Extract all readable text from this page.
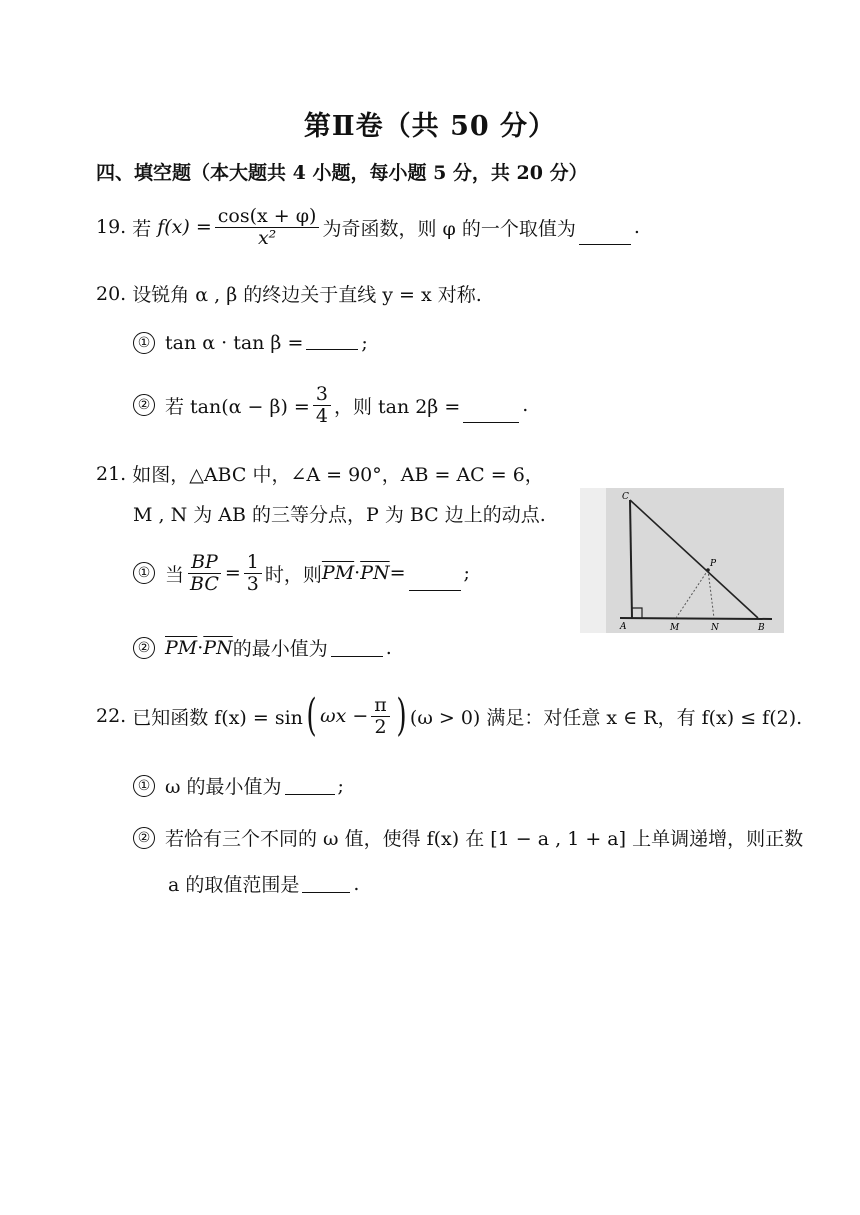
第Ⅱ卷（共 50 分）
四、填空题（本大题共 4 小题，每小题 5 分，共 20 分）
19. 若 $f(x) = \frac{\cos(x + \varphi)}{\text{x²}}$ 为奇函数，则 φ 的一个取值为	.
20. 设锐角 α , β 的终边关于直线 y = x 对称.
① tan α · tan β =	;
② 若 $\tan(\alpha - \beta) = \frac{3}{4}$ ，则 tan 2β =	.
21. 如图，△ABC 中，∠A = 90°，AB = AC = 6，
M , N 为 AB 的三等分点，P 为 BC 边上的动点.
① 当 $\frac{BP}{BC} = \frac{1}{3}$ 时，则 $\overline{PM} \cdot \overline{PN}$ =	;
② $\overline{PM} \cdot \overline{PN}$ 的最小值为	.
C
P
A	M	N	B
22. 已知函数 f(x) = sin ( $\omega x - \frac{\pi}{2}$ ) (ω > 0) 满足：对任意 x ∈ R，有 f(x) ≤ f(2).
① ω 的最小值为	;
② 若恰有三个不同的 ω 值，使得 f(x) 在 [1 − a , 1 + a] 上单调递增，则正数
a 的取值范围是	.
